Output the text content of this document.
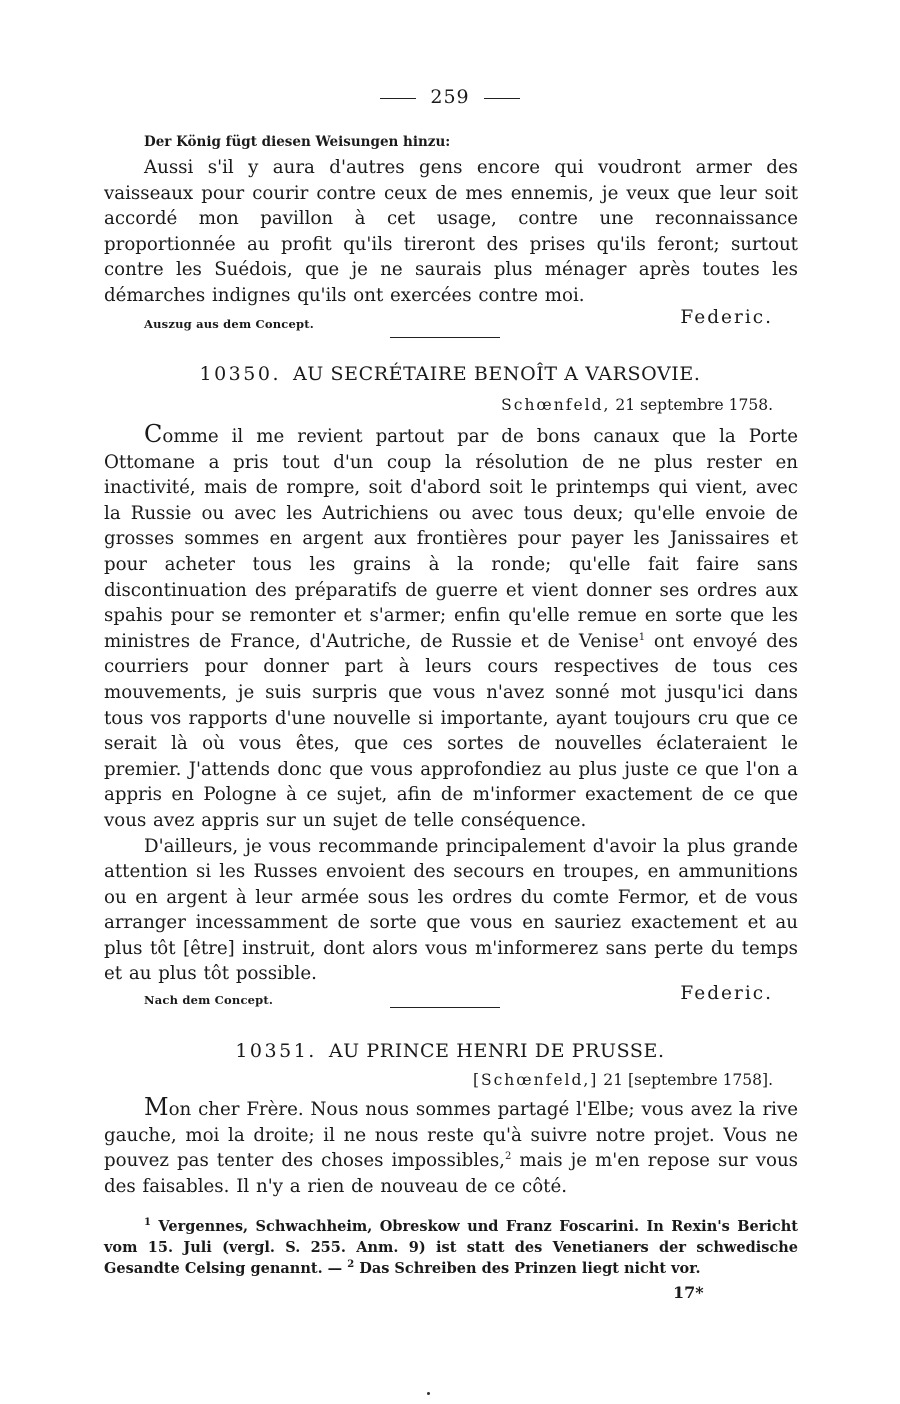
259
Der König fügt diesen Weisungen hinzu:

Aussi s'il y aura d'autres gens encore qui voudront armer des vaisseaux pour courir contre ceux de mes ennemis, je veux que leur soit accordé mon pavillon à cet usage, contre une reconnaissance proportionnée au profit qu'ils tireront des prises qu'ils feront; surtout contre les Suédois, que je ne saurais plus ménager après toutes les démarches indignes qu'ils ont exercées contre moi.

Auszug aus dem Concept.	Federic.
10350. AU SECRÉTAIRE BENOÎT A VARSOVIE.
Schœnfeld, 21 septembre 1758.

Comme il me revient partout par de bons canaux que la Porte Ottomane a pris tout d'un coup la résolution de ne plus rester en inactivité, mais de rompre, soit d'abord soit le printemps qui vient, avec la Russie ou avec les Autrichiens ou avec tous deux; qu'elle envoie de grosses sommes en argent aux frontières pour payer les Janissaires et pour acheter tous les grains à la ronde; qu'elle fait faire sans discontinuation des préparatifs de guerre et vient donner ses ordres aux spahis pour se remonter et s'armer; enfin qu'elle remue en sorte que les ministres de France, d'Autriche, de Russie et de Venise$^1$ ont envoyé des courriers pour donner part à leurs cours respectives de tous ces mouvements, je suis surpris que vous n'avez sonné mot jusqu'ici dans tous vos rapports d'une nouvelle si importante, ayant toujours cru que ce serait là où vous êtes, que ces sortes de nouvelles éclateraient le premier. J'attends donc que vous approfondiez au plus juste ce que l'on a appris en Pologne à ce sujet, afin de m'informer exactement de ce que vous avez appris sur un sujet de telle conséquence.

D'ailleurs, je vous recommande principalement d'avoir la plus grande attention si les Russes envoient des secours en troupes, en ammunitions ou en argent à leur armée sous les ordres du comte Fermor, et de vous arranger incessamment de sorte que vous en sauriez exactement et au plus tôt [être] instruit, dont alors vous m'informerez sans perte du temps et au plus tôt possible.

Nach dem Concept.	Federic.
10351. AU PRINCE HENRI DE PRUSSE.
[Schœnfeld,] 21 [septembre 1758].

Mon cher Frère. Nous nous sommes partagé l'Elbe; vous avez la rive gauche, moi la droite; il ne nous reste qu'à suivre notre projet. Vous ne pouvez pas tenter des choses impossibles,$^2$ mais je m'en repose sur vous des faisables. Il n'y a rien de nouveau de ce côté.

$^1$ Vergennes, Schwachheim, Obreskow und Franz Foscarini. In Rexin's Bericht vom 15. Juli (vergl. S. 255. Anm. 9) ist statt des Venetianers der schwedische Gesandte Celsing genannt. — $^2$ Das Schreiben des Prinzen liegt nicht vor.

17*
